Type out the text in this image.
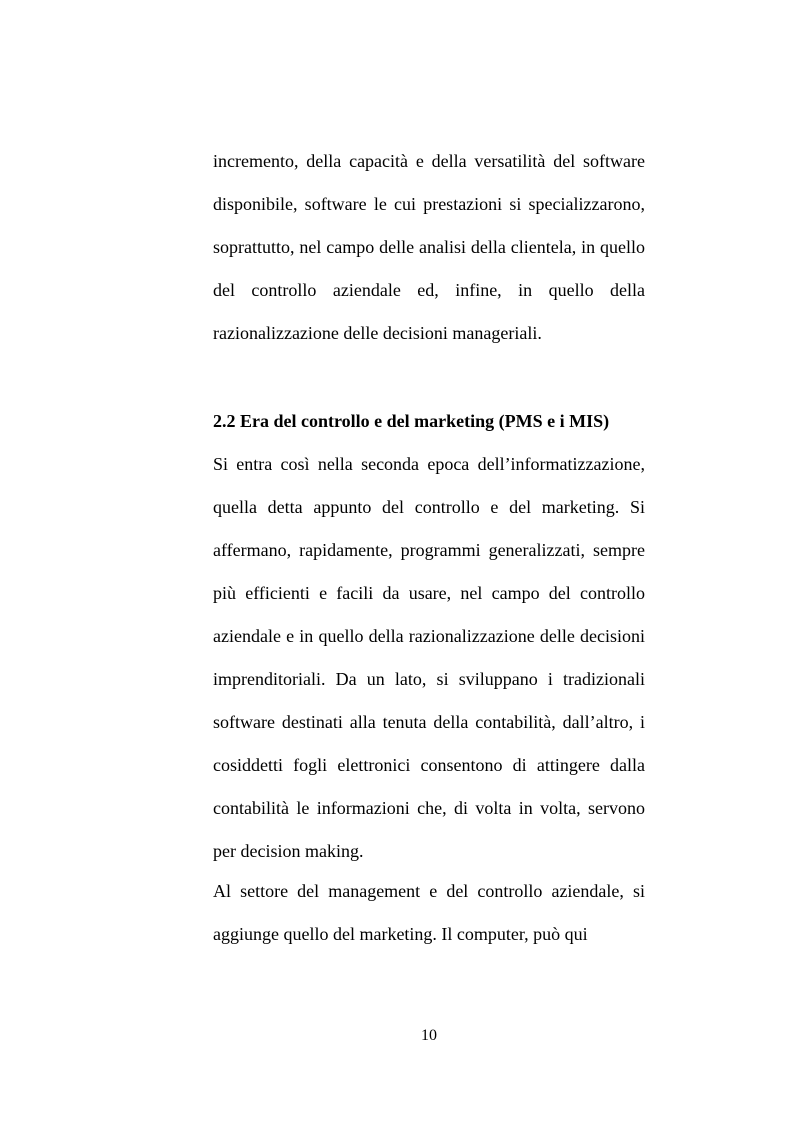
incremento, della capacità e della versatilità del software disponibile, software le cui prestazioni si specializzarono, soprattutto, nel campo delle analisi della clientela, in quello del controllo aziendale ed, infine, in quello della razionalizzazione delle decisioni manageriali.

2.2 Era del controllo e del marketing (PMS e i MIS)

Si entra così nella seconda epoca dell’informatizzazione, quella detta appunto del controllo e del marketing. Si affermano, rapidamente, programmi generalizzati, sempre più efficienti e facili da usare, nel campo del controllo aziendale e in quello della razionalizzazione delle decisioni imprenditoriali. Da un lato, si sviluppano i tradizionali software destinati alla tenuta della contabilità, dall’altro, i cosiddetti fogli elettronici consentono di attingere dalla contabilità le informazioni che, di volta in volta, servono per decision making.

Al settore del management e del controllo aziendale, si aggiunge quello del marketing. Il computer, può qui

10
